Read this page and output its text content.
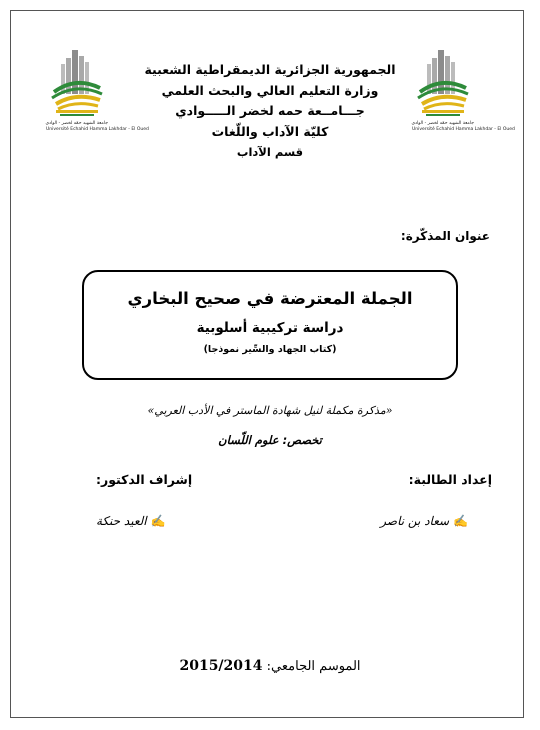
جامعة الشهيد حمّه لخضر - الوادي
Université Echahid Hamma Lakhdar - El Oued
جامعة الشهيد حمّه لخضر - الوادي
Université Echahid Hamma Lakhdar - El Oued
الجمهورية الجزائرية الديمقراطية الشعبية
وزارة التعليم العالي والبحث العلمي
جـــامــعة حمه لخضر الـــــوادي
كليّة الآداب واللّغات
قسم الآداب
عنوان المذكّرة:
الجملة المعترضة في صحيح البخاري
دراسة تركيبية أسلوبية
(كتاب الجهاد والسِّير نموذجا)
«مذكرة مكملة لنيل شهادة الماستر في الأدب العربي»
تخصص: علوم اللّسان
إعداد الطالبة:
إشراف الدكتور:
✍سعاد بن ناصر
✍العيد حنكة
الموسم الجامعي: 2015/2014
